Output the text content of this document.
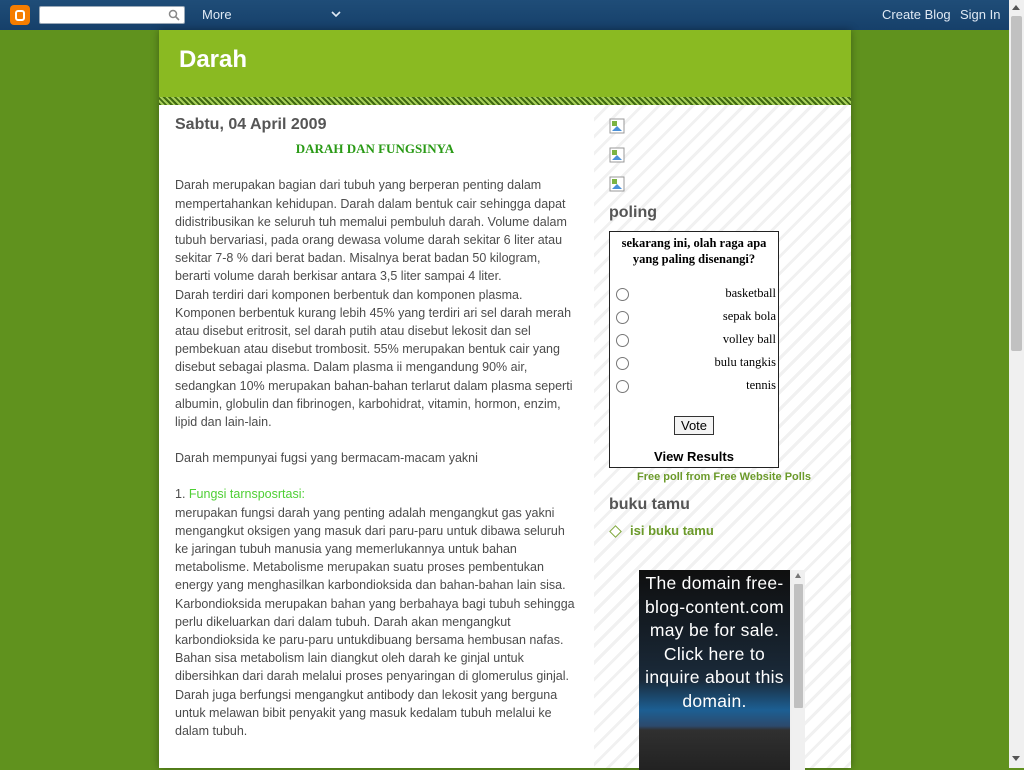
More	Create Blog Sign In
Darah
Sabtu, 04 April 2009
DARAH DAN FUNGSINYA

Darah merupakan bagian dari tubuh yang berperan penting dalam mempertahankan kehidupan. Darah dalam bentuk cair sehingga dapat didistribusikan ke seluruh tuh memalui pembuluh darah. Volume dalam tubuh bervariasi, pada orang dewasa volume darah sekitar 6 liter atau sekitar 7-8 % dari berat badan. Misalnya berat badan 50 kilogram, berarti volume darah berkisar antara 3,5 liter sampai 4 liter.

Darah terdiri dari komponen berbentuk dan komponen plasma. Komponen berbentuk kurang lebih 45% yang terdiri ari sel darah merah atau disebut eritrosit, sel darah putih atau disebut lekosit dan sel pembekuan atau disebut trombosit. 55% merupakan bentuk cair yang disebut sebagai plasma. Dalam plasma ii mengandung 90% air, sedangkan 10% merupakan bahan-bahan terlarut dalam plasma seperti albumin, globulin dan fibrinogen, karbohidrat, vitamin, hormon, enzim, lipid dan lain-lain.

Darah mempunyai fugsi yang bermacam-macam yakni

1. Fungsi tarnsposrtasi:

merupakan fungsi darah yang penting adalah mengangkut gas yakni mengangkut oksigen yang masuk dari paru-paru untuk dibawa seluruh ke jaringan tubuh manusia yang memerlukannya untuk bahan metabolisme. Metabolisme merupakan suatu proses pembentukan energy yang menghasilkan karbondioksida dan bahan-bahan lain sisa. Karbondioksida merupakan bahan yang berbahaya bagi tubuh sehingga perlu dikeluarkan dari dalam tubuh. Darah akan mengangkut karbondioksida ke paru-paru untukdibuang bersama hembusan nafas. Bahan sisa metabolism lain diangkut oleh darah ke ginjal untuk dibersihkan dari darah melalui proses penyaringan di glomerulus ginjal. Darah juga berfungsi mengangkut antibody dan lekosit yang berguna untuk melawan bibit penyakit yang masuk kedalam tubuh melalui ke dalam tubuh.

poling
sekarang ini, olah raga apa yang paling disenangi?
basketball
sepak bola
volley ball
bulu tangkis
tennis
Vote
View Results
Free poll from Free Website Polls
buku tamu
isi buku tamu
The domain free-blog-content.com may be for sale. Click here to inquire about this domain.
